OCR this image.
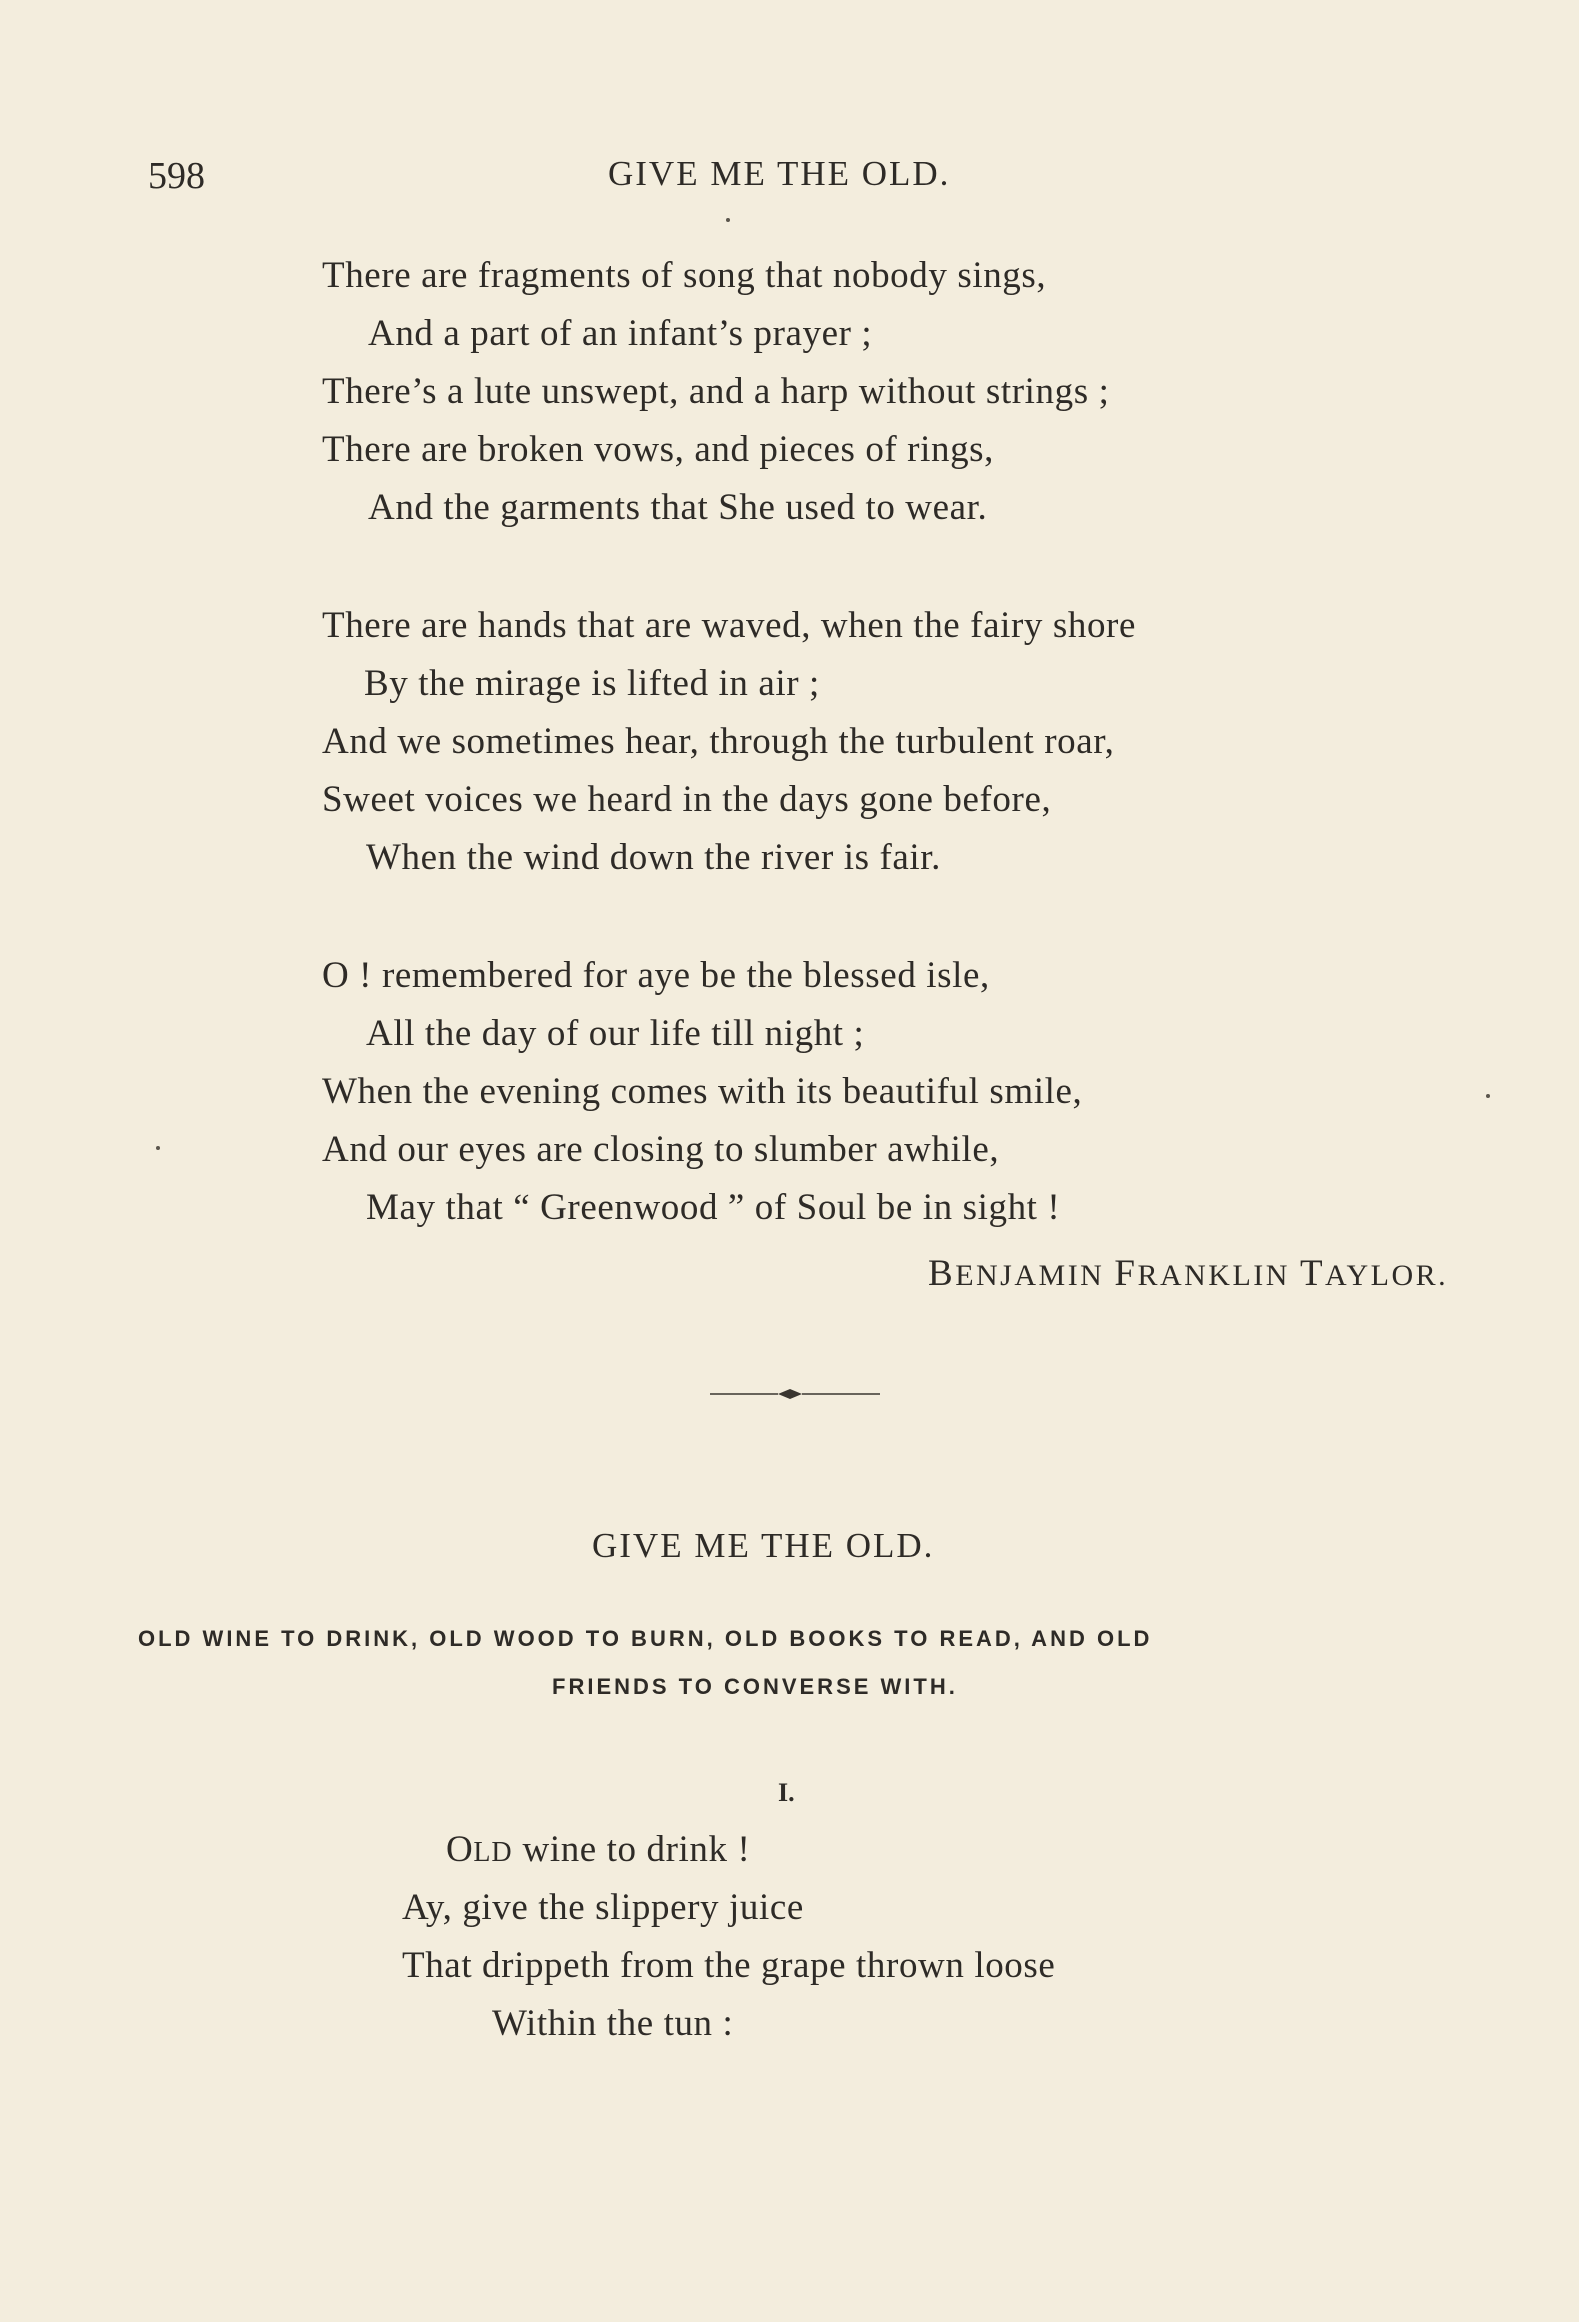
598	GIVE ME THE OLD.
There are fragments of song that nobody sings,
And a part of an infant’s prayer ;
There’s a lute unswept, and a harp without strings ;
There are broken vows, and pieces of rings,
And the garments that She used to wear.
There are hands that are waved, when the fairy shore
By the mirage is lifted in air ;
And we sometimes hear, through the turbulent roar,
Sweet voices we heard in the days gone before,
When the wind down the river is fair.
O ! remembered for aye be the blessed isle,
All the day of our life till night ;
When the evening comes with its beautiful smile,
And our eyes are closing to slumber awhile,
May that “ Greenwood ” of Soul be in sight !
BENJAMIN FRANKLIN TAYLOR.
GIVE ME THE OLD.
OLD WINE TO DRINK, OLD WOOD TO BURN, OLD BOOKS TO READ, AND OLD
FRIENDS TO CONVERSE WITH.
I.
OLD wine to drink !
Ay, give the slippery juice
That drippeth from the grape thrown loose
Within the tun :
